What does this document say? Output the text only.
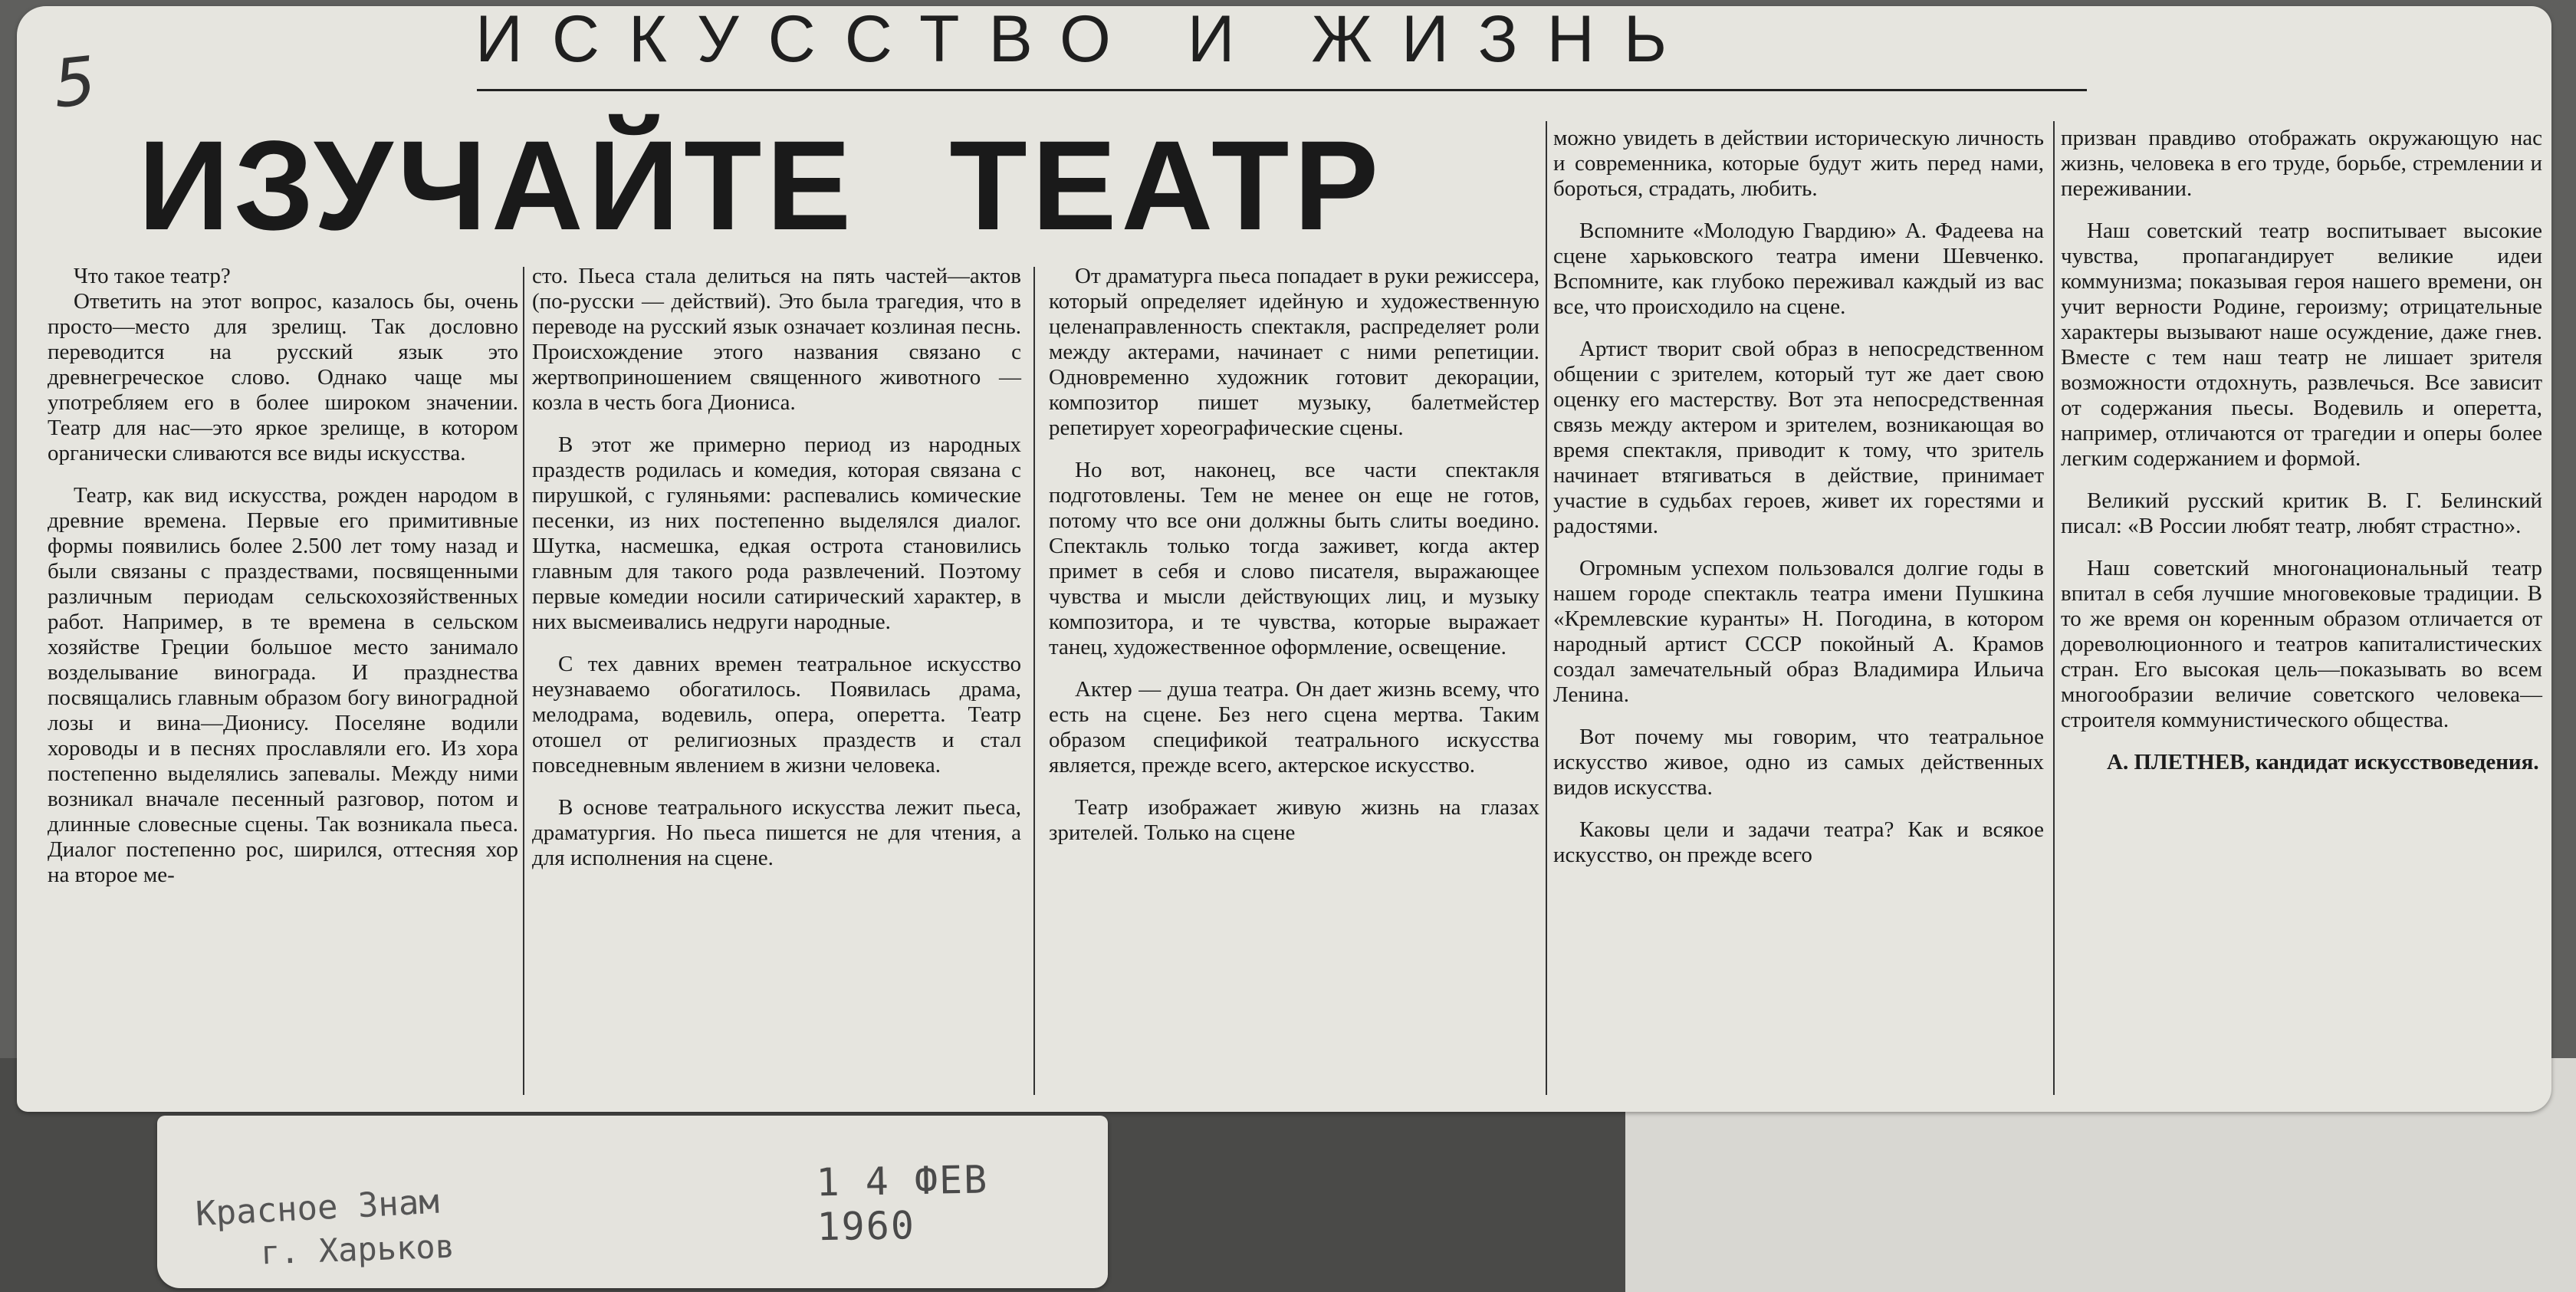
5
ИСКУССТВО И ЖИЗНЬ
ИЗУЧАЙТЕ ТЕАТР

Что такое театр?

Ответить на этот вопрос, казалось бы, очень просто—место для зрелищ. Так дословно переводится на русский язык это древнегреческое слово. Однако чаще мы употребляем его в более широком значении. Театр для нас—это яркое зрелище, в котором органически сливаются все виды искусства.

Театр, как вид искусства, рожден народом в древние времена. Первые его примитивные формы появились более 2.500 лет тому назад и были связаны с праздествами, посвященными различным периодам сельскохозяйственных работ. Например, в те времена в сельском хозяйстве Греции большое место занимало возделывание винограда. И празднества посвящались главным образом богу виноградной лозы и вина—Дионису. Поселяне водили хороводы и в песнях прославляли его. Из хора постепенно выделялись запевалы. Между ними возникал вначале песенный разговор, потом и длинные словесные сцены. Так возникала пьеса. Диалог постепенно рос, ширился, оттесняя хор на второе ме-

сто. Пьеса стала делиться на пять частей—актов (по-русски — действий). Это была трагедия, что в переводе на русский язык означает козлиная песнь. Происхождение этого названия связано с жертвоприношением священного животного — козла в честь бога Диониса.

В этот же примерно период из народных праздеств родилась и комедия, которая связана с пирушкой, с гуляньями: распевались комические песенки, из них постепенно выделялся диалог. Шутка, насмешка, едкая острота становились главным для такого рода развлечений. Поэтому первые комедии носили сатирический характер, в них высмеивались недруги народные.

С тех давних времен театральное искусство неузнаваемо обогатилось. Появилась драма, мелодрама, водевиль, опера, оперетта. Театр отошел от религиозных праздеств и стал повседневным явлением в жизни человека.

В основе театрального искусства лежит пьеса, драматургия. Но пьеса пишется не для чтения, а для исполнения на сцене.

От драматурга пьеса попадает в руки режиссера, который определяет идейную и художественную целенаправленность спектакля, распределяет роли между актерами, начинает с ними репетиции. Одновременно художник готовит декорации, композитор пишет музыку, балетмейстер репетирует хореографические сцены.

Но вот, наконец, все части спектакля подготовлены. Тем не менее он еще не готов, потому что все они должны быть слиты воедино. Спектакль только тогда заживет, когда актер примет в себя и слово писателя, выражающее чувства и мысли действующих лиц, и музыку композитора, и те чувства, которые выражает танец, художественное оформление, освещение.

Актер — душа театра. Он дает жизнь всему, что есть на сцене. Без него сцена мертва. Таким образом спецификой театрального искусства является, прежде всего, актерское искусство.

Театр изображает живую жизнь на глазах зрителей. Только на сцене

можно увидеть в действии историческую личность и современника, которые будут жить перед нами, бороться, страдать, любить.

Вспомните «Молодую Гвардию» А. Фадеева на сцене харьковского театра имени Шевченко. Вспомните, как глубоко переживал каждый из вас все, что происходило на сцене.

Артист творит свой образ в непосредственном общении с зрителем, который тут же дает свою оценку его мастерству. Вот эта непосредственная связь между актером и зрителем, возникающая во время спектакля, приводит к тому, что зритель начинает втягиваться в действие, принимает участие в судьбах героев, живет их горестями и радостями.

Огромным успехом пользовался долгие годы в нашем городе спектакль театра имени Пушкина «Кремлевские куранты» Н. Погодина, в котором народный артист СССР покойный А. Крамов создал замечательный образ Владимира Ильича Ленина.

Вот почему мы говорим, что театральное искусство живое, одно из самых действенных видов искусства.

Каковы цели и задачи театра? Как и всякое искусство, он прежде всего

призван правдиво отображать окружающую нас жизнь, человека в его труде, борьбе, стремлении и переживании.

Наш советский театр воспитывает высокие чувства, пропагандирует великие идеи коммунизма; показывая героя нашего времени, он учит верности Родине, героизму; отрицательные характеры вызывают наше осуждение, даже гнев. Вместе с тем наш театр не лишает зрителя возможности отдохнуть, развлечься. Все зависит от содержания пьесы. Водевиль и оперетта, например, отличаются от трагедии и оперы более легким содержанием и формой.

Великий русский критик В. Г. Белинский писал: «В России любят театр, любят страстно».

Наш советский многонациональный театр впитал в себя лучшие многовековые традиции. В то же время он коренным образом отличается от дореволюционного и театров капиталистических стран. Его высокая цель—показывать во всем многообразии величие советского человека—строителя коммунистического общества.

А. ПЛЕТНЕВ, кандидат искусствоведения.

Красное Знам
г. Харьков
1 4 ФЕВ 1960
